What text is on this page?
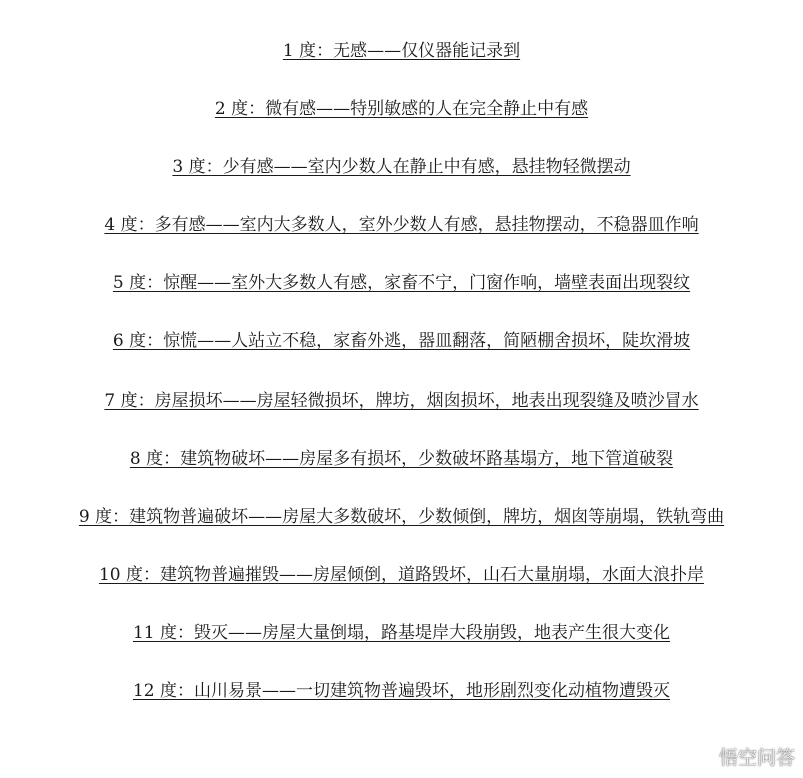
1 度：无感——仅仪器能记录到
2 度：微有感——特别敏感的人在完全静止中有感
3 度：少有感——室内少数人在静止中有感，悬挂物轻微摆动
4 度：多有感——室内大多数人，室外少数人有感，悬挂物摆动，不稳器皿作响
5 度：惊醒——室外大多数人有感，家畜不宁，门窗作响，墙壁表面出现裂纹
6 度：惊慌——人站立不稳，家畜外逃，器皿翻落，简陋棚舍损坏，陡坎滑坡
7 度：房屋损坏——房屋轻微损坏，牌坊，烟囱损坏，地表出现裂缝及喷沙冒水
8 度：建筑物破坏——房屋多有损坏，少数破坏路基塌方，地下管道破裂
9 度：建筑物普遍破坏——房屋大多数破坏，少数倾倒，牌坊，烟囱等崩塌，铁轨弯曲
10 度：建筑物普遍摧毁——房屋倾倒，道路毁坏，山石大量崩塌，水面大浪扑岸
11 度：毁灭——房屋大量倒塌，路基堤岸大段崩毁，地表产生很大变化
12 度：山川易景——一切建筑物普遍毁坏，地形剧烈变化动植物遭毁灭
悟空问答
